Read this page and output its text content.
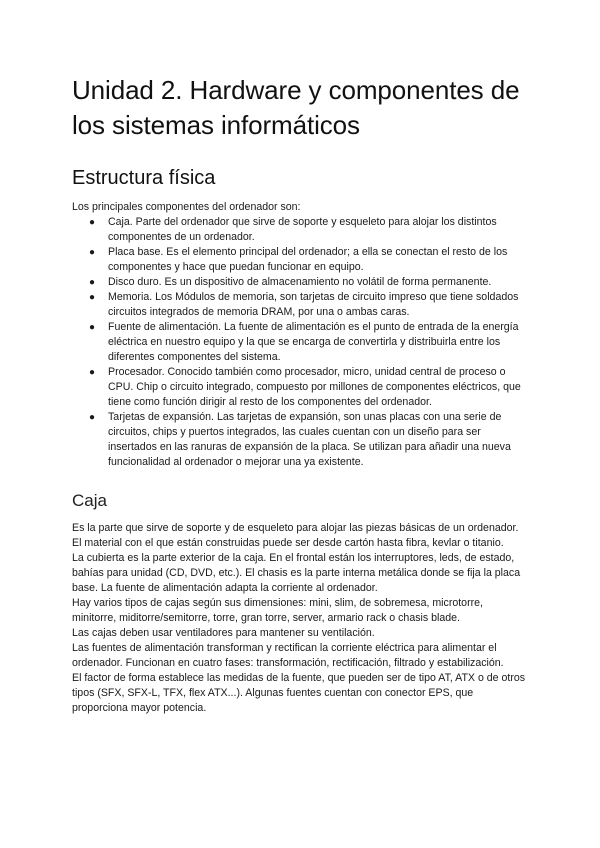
Unidad 2. Hardware y componentes de los sistemas informáticos
Estructura física

Los principales componentes del ordenador son:

● Caja. Parte del ordenador que sirve de soporte y esqueleto para alojar los distintos componentes de un ordenador.
● Placa base. Es el elemento principal del ordenador; a ella se conectan el resto de los componentes y hace que puedan funcionar en equipo.
● Disco duro. Es un dispositivo de almacenamiento no volátil de forma permanente.
● Memoria. Los Módulos de memoria, son tarjetas de circuito impreso que tiene soldados circuitos integrados de memoria DRAM, por una o ambas caras.
● Fuente de alimentación. La fuente de alimentación es el punto de entrada de la energía eléctrica en nuestro equipo y la que se encarga de convertirla y distribuirla entre los diferentes componentes del sistema.
● Procesador. Conocido también como procesador, micro, unidad central de proceso o CPU. Chip o circuito integrado, compuesto por millones de componentes eléctricos, que tiene como función dirigir al resto de los componentes del ordenador.
● Tarjetas de expansión. Las tarjetas de expansión, son unas placas con una serie de circuitos, chips y puertos integrados, las cuales cuentan con un diseño para ser insertados en las ranuras de expansión de la placa. Se utilizan para añadir una nueva funcionalidad al ordenador o mejorar una ya existente.
Caja

Es la parte que sirve de soporte y de esqueleto para alojar las piezas básicas de un ordenador. El material con el que están construidas puede ser desde cartón hasta fibra, kevlar o titanio.

La cubierta es la parte exterior de la caja. En el frontal están los interruptores, leds, de estado, bahías para unidad (CD, DVD, etc.). El chasis es la parte interna metálica donde se fija la placa base. La fuente de alimentación adapta la corriente al ordenador.

Hay varios tipos de cajas según sus dimensiones: mini, slim, de sobremesa, microtorre, minitorre, miditorre/semitorre, torre, gran torre, server, armario rack o chasis blade.

Las cajas deben usar ventiladores para mantener su ventilación.

Las fuentes de alimentación transforman y rectifican la corriente eléctrica para alimentar el ordenador. Funcionan en cuatro fases: transformación, rectificación, filtrado y estabilización.

El factor de forma establece las medidas de la fuente, que pueden ser de tipo AT, ATX o de otros tipos (SFX, SFX-L, TFX, flex ATX...). Algunas fuentes cuentan con conector EPS, que proporciona mayor potencia.
